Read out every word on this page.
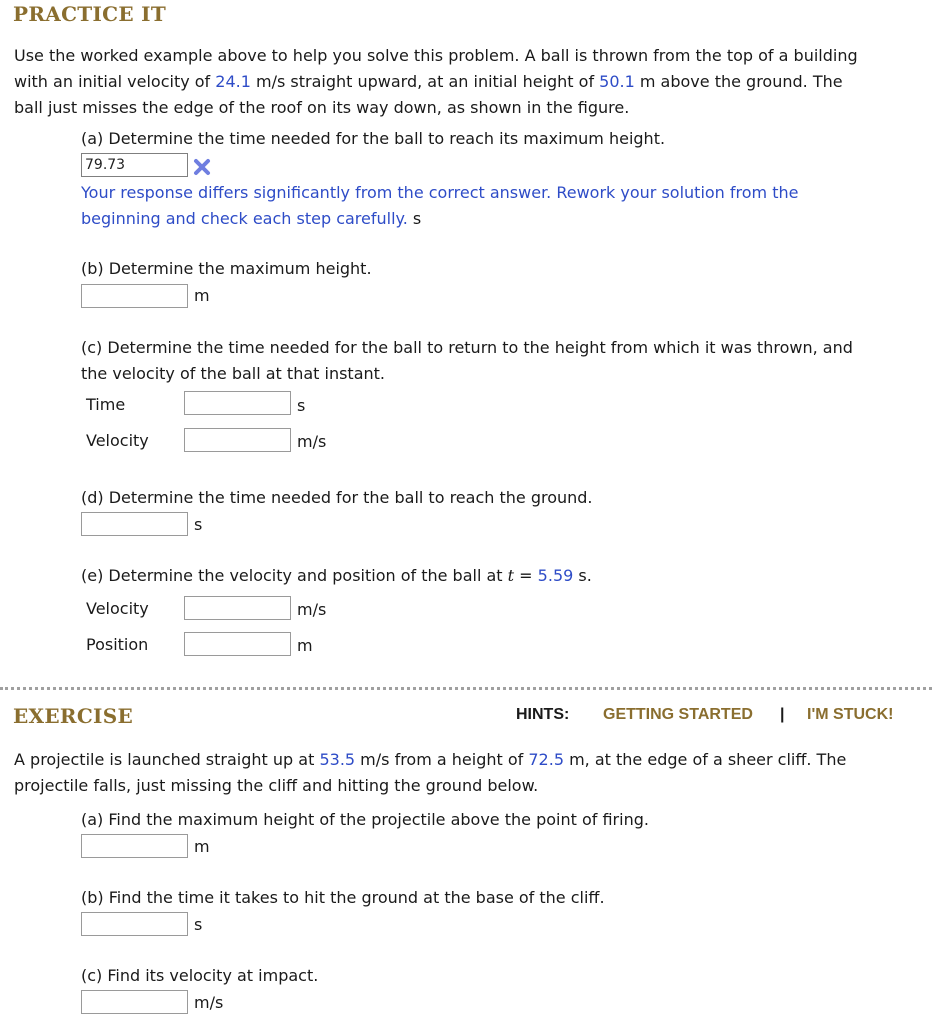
PRACTICE IT
Use the worked example above to help you solve this problem. A ball is thrown from the top of a building
with an initial velocity of 24.1 m/s straight upward, at an initial height of 50.1 m above the ground. The
ball just misses the edge of the roof on its way down, as shown in the figure.
(a) Determine the time needed for the ball to reach its maximum height.
79.73
Your response differs significantly from the correct answer. Rework your solution from the
beginning and check each step carefully. s
(b) Determine the maximum height.
m
(c) Determine the time needed for the ball to return to the height from which it was thrown, and
the velocity of the ball at that instant.
Time	s
Velocity	m/s
(d) Determine the time needed for the ball to reach the ground.
s
(e) Determine the velocity and position of the ball at t = 5.59 s.
Velocity	m/s
Position	m
EXERCISE	HINTS: GETTING STARTED | I'M STUCK!
A projectile is launched straight up at 53.5 m/s from a height of 72.5 m, at the edge of a sheer cliff. The
projectile falls, just missing the cliff and hitting the ground below.
(a) Find the maximum height of the projectile above the point of firing.
m
(b) Find the time it takes to hit the ground at the base of the cliff.
s
(c) Find its velocity at impact.
m/s
